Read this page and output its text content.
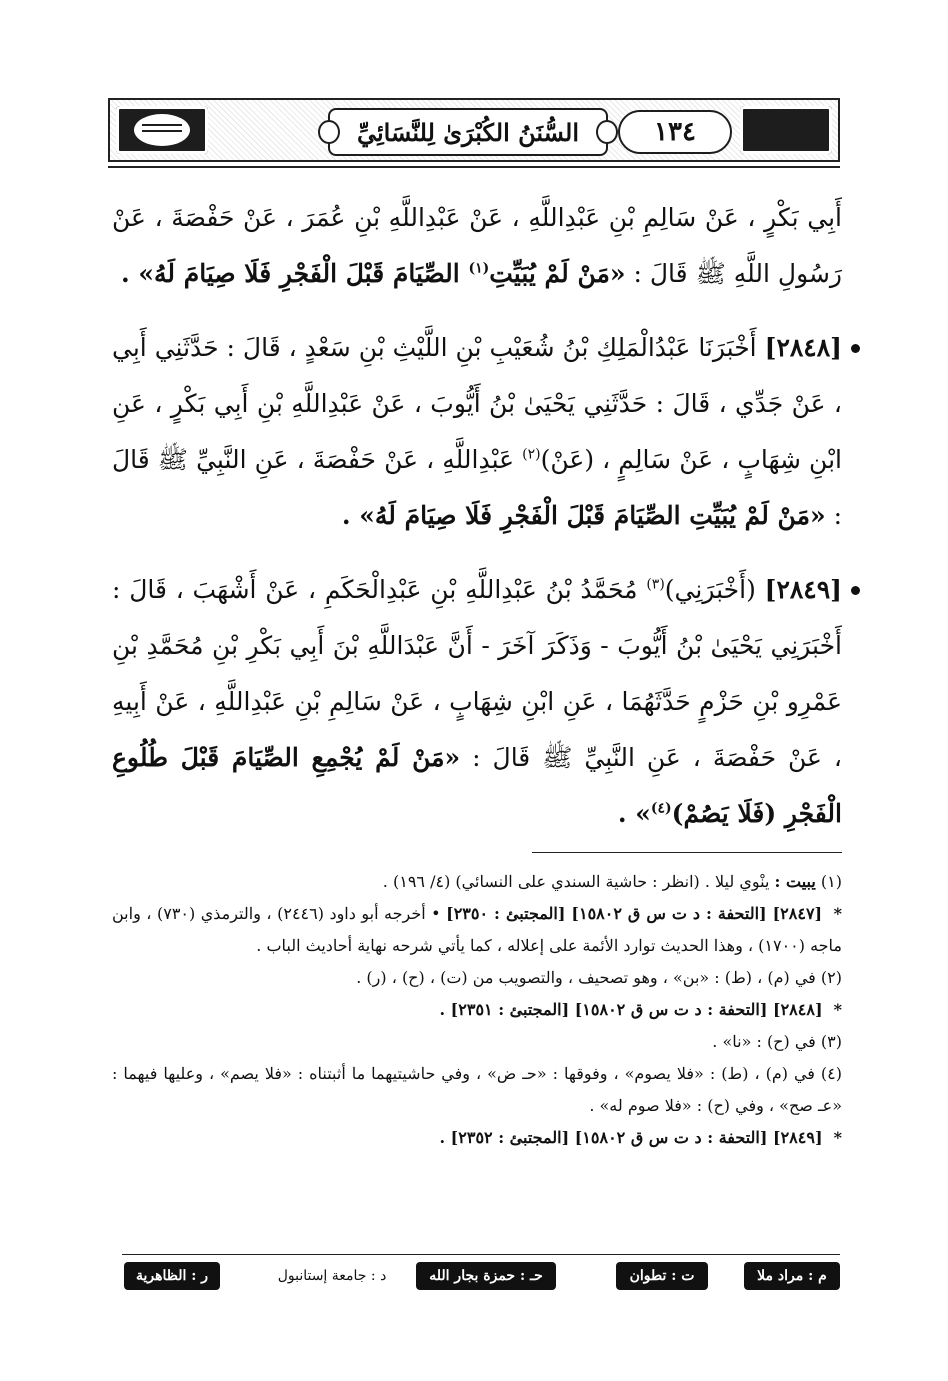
السُّنَنُ الكُبْرَىٰ لِلنَّسَائِيِّ	١٣٤

أَبِي بَكْرٍ ، عَنْ سَالِمِ بْنِ عَبْدِاللَّهِ ، عَنْ عَبْدِاللَّهِ بْنِ عُمَرَ ، عَنْ حَفْصَةَ ، عَنْ رَسُولِ اللَّهِ ﷺ قَالَ : «مَنْ لَمْ يُبَيِّتِ$^{(١)}$ الصِّيَامَ قَبْلَ الْفَجْرِ فَلَا صِيَامَ لَهُ» .

[٢٨٤٨] أَخْبَرَنَا عَبْدُالْمَلِكِ بْنُ شُعَيْبِ بْنِ اللَّيْثِ بْنِ سَعْدٍ ، قَالَ : حَدَّثَنِي أَبِي ، عَنْ جَدِّي ، قَالَ : حَدَّثَنِي يَحْيَىٰ بْنُ أَيُّوبَ ، عَنْ عَبْدِاللَّهِ بْنِ أَبِي بَكْرٍ ، عَنِ ابْنِ شِهَابٍ ، عَنْ سَالِمٍ ، (عَنْ)$^{(٢)}$ عَبْدِاللَّهِ ، عَنْ حَفْصَةَ ، عَنِ النَّبِيِّ ﷺ قَالَ : «مَنْ لَمْ يُبَيِّتِ الصِّيَامَ قَبْلَ الْفَجْرِ فَلَا صِيَامَ لَهُ» .

[٢٨٤٩] (أَخْبَرَنِي)$^{(٣)}$ مُحَمَّدُ بْنُ عَبْدِاللَّهِ بْنِ عَبْدِالْحَكَمِ ، عَنْ أَشْهَبَ ، قَالَ : أَخْبَرَنِي يَحْيَىٰ بْنُ أَيُّوبَ - وَذَكَرَ آخَرَ - أَنَّ عَبْدَاللَّهِ بْنَ أَبِي بَكْرِ بْنِ مُحَمَّدِ بْنِ عَمْرِو بْنِ حَزْمٍ حَدَّثَهُمَا ، عَنِ ابْنِ شِهَابٍ ، عَنْ سَالِمِ بْنِ عَبْدِاللَّهِ ، عَنْ أَبِيهِ ، عَنْ حَفْصَةَ ، عَنِ النَّبِيِّ ﷺ قَالَ : «مَنْ لَمْ يُجْمِعِ الصِّيَامَ قَبْلَ طُلُوعِ الْفَجْرِ (فَلَا يَصُمْ)$^{(٤)}$» .

(١) يبيت : ينْوي ليلا . (انظر : حاشية السندي على النسائي) (٤/ ١٩٦) .

* [٢٨٤٧] [التحفة : د ت س ق ١٥٨٠٢] [المجتبئ : ٢٣٥٠] • أخرجه أبو داود (٢٤٤٦) ، والترمذي (٧٣٠) ، وابن ماجه (١٧٠٠) ، وهذا الحديث توارد الأئمة على إعلاله ، كما يأتي شرحه نهاية أحاديث الباب .

(٢) في (م) ، (ط) : «بن» ، وهو تصحيف ، والتصويب من (ت) ، (ح) ، (ر) .

* [٢٨٤٨] [التحفة : د ت س ق ١٥٨٠٢] [المجتبئ : ٢٣٥١] .

(٣) في (ح) : «نا» .

(٤) في (م) ، (ط) : «فلا يصوم» ، وفوقها : «حـ ض» ، وفي حاشيتيهما ما أثبتناه : «فلا يصم» ، وعليها فيهما : «عـ صح» ، وفي (ح) : «فلا صوم له» .

* [٢٨٤٩] [التحفة : د ت س ق ١٥٨٠٢] [المجتبئ : ٢٣٥٢] .

م : مراد ملا
ت : تطوان
حـ : حمزة بجار الله
د : جامعة إستانبول
ر : الظاهرية
